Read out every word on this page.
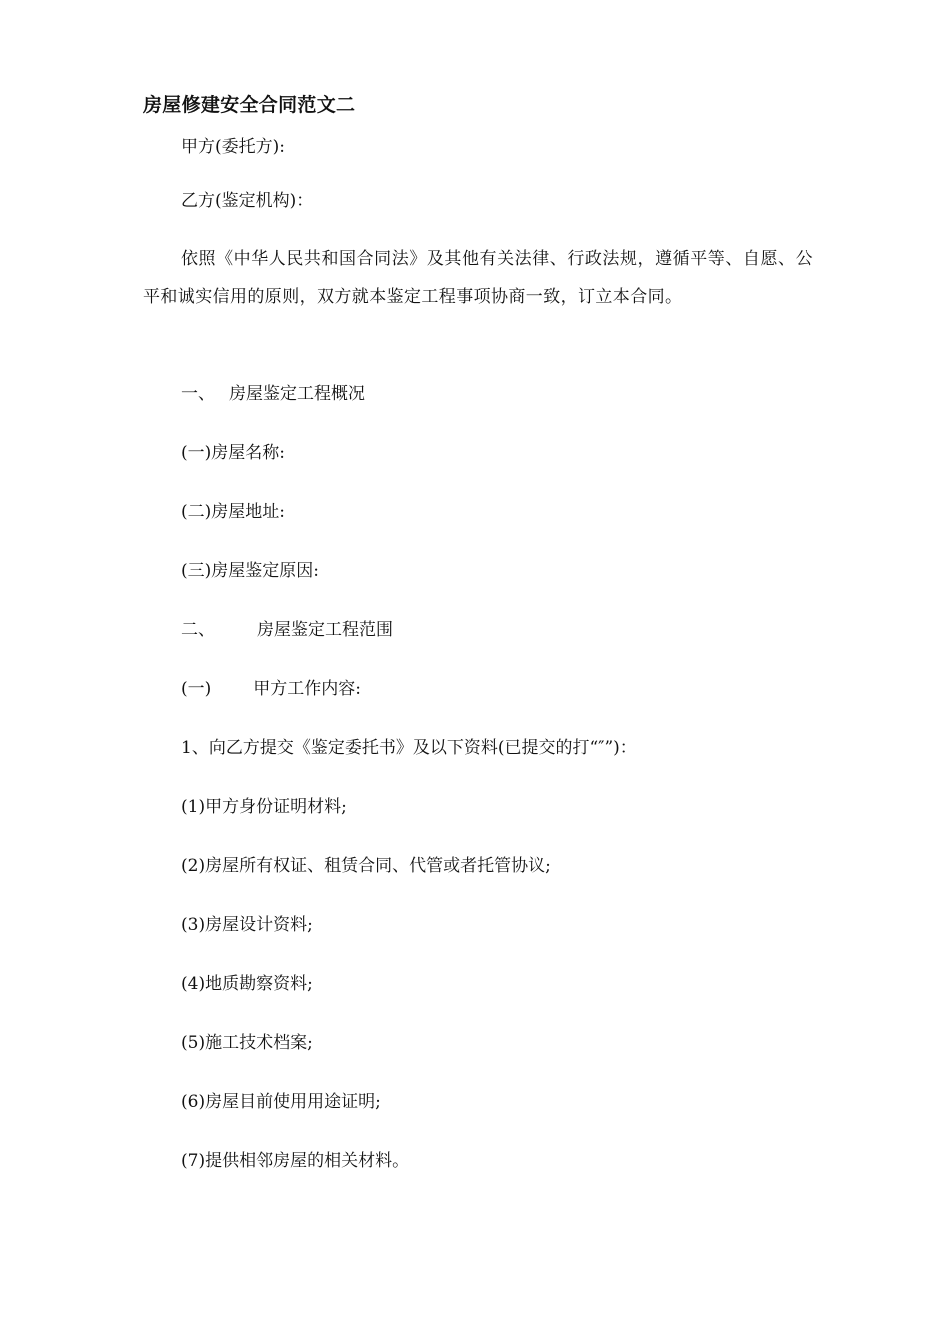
房屋修建安全合同范文二
甲方(委托方):
乙方(鉴定机构)：
依照《中华人民共和国合同法》及其他有关法律、行政法规，遵循平等、自愿、公平和诚实信用的原则，双方就本鉴定工程事项协商一致，订立本合同。
一、 房屋鉴定工程概况
(一)房屋名称:
(二)房屋地址:
(三)房屋鉴定原因:
二、 房屋鉴定工程范围
(一) 甲方工作内容:
1、向乙方提交《鉴定委托书》及以下资料(已提交的打“″”)：
(1)甲方身份证明材料;
(2)房屋所有权证、租赁合同、代管或者托管协议;
(3)房屋设计资料;
(4)地质勘察资料;
(5)施工技术档案;
(6)房屋目前使用用途证明;
(7)提供相邻房屋的相关材料。
